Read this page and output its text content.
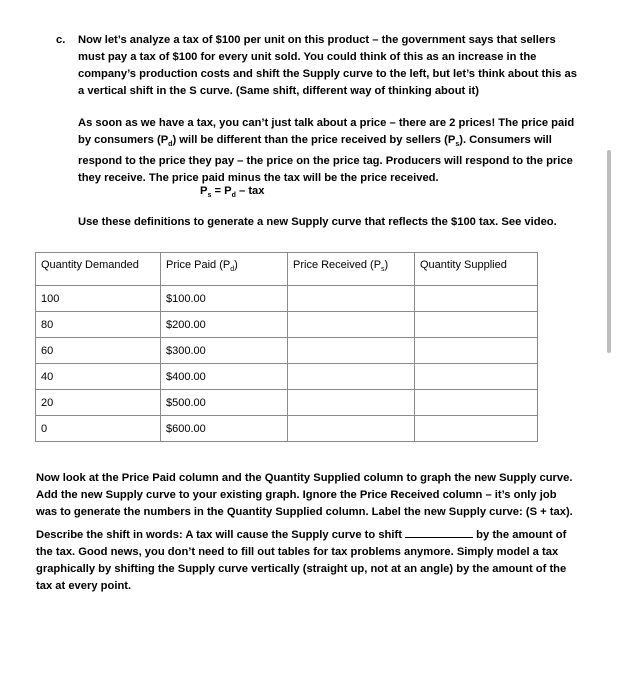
c. Now let’s analyze a tax of $100 per unit on this product – the government says that sellers must pay a tax of $100 for every unit sold. You could think of this as an increase in the company’s production costs and shift the Supply curve to the left, but let’s think about this as a vertical shift in the S curve. (Same shift, different way of thinking about it)
As soon as we have a tax, you can’t just talk about a price – there are 2 prices! The price paid by consumers $(P_d)$ will be different than the price received by sellers $(P_s)$. Consumers will respond to the price they pay – the price on the price tag. Producers will respond to the price they receive. The price paid minus the tax will be the price received.
$P_s = P_d$ – tax
Use these definitions to generate a new Supply curve that reflects the $100 tax. See video.
Quantity Demanded	Price Paid $(P_d)$	Price Received $(P_s)$	Quantity Supplied
100	$100.00		
80	$200.00		
60	$300.00		
40	$400.00		
20	$500.00		
0	$600.00		
Now look at the Price Paid column and the Quantity Supplied column to graph the new Supply curve. Add the new Supply curve to your existing graph. Ignore the Price Received column – it’s only job was to generate the numbers in the Quantity Supplied column. Label the new Supply curve: (S + tax).
Describe the shift in words: A tax will cause the Supply curve to shift	by the amount of the tax. Good news, you don’t need to fill out tables for tax problems anymore. Simply model a tax graphically by shifting the Supply curve vertically (straight up, not at an angle) by the amount of the tax at every point.
